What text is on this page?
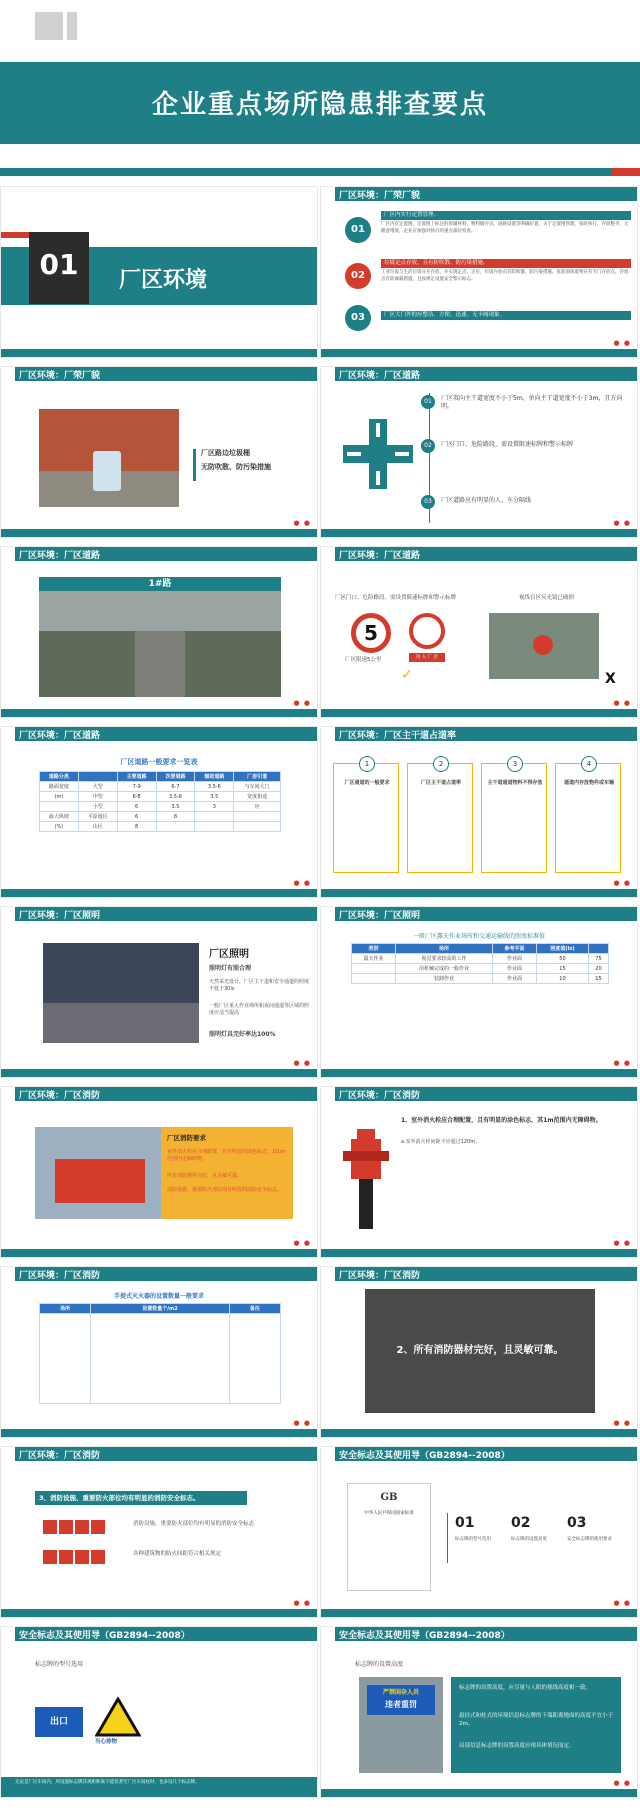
企业重点场所隐患排查要点
01	厂区环境
厂区环境：厂荣厂貌
01
厂区内实行定置管理。
厂区内有定置图，定置图上标注的原辅材料、物料储存点、道路设置等明确位置，关于定置图管理，按时执行，存放整齐，无随意堆放，企业应加强对执行的重点部位检查。
02
垃圾定点存放，且有防吹散、防污染措施。
工业垃圾与生活垃圾分开存放，并实现定点、定位，垃圾存放点有防吹散、防污染措施。危险固体废物应有专门存放点，存放点有防渗漏措施，且按规定设置安全警示标志。
03	厂区大门外的应整洁、方便、迅速、无卡阀现象。
● ●
厂区环境：厂荣厂貌
厂区路边垃圾桶
无防吹散、防污染措施
● ●
厂区环境：厂区道路
01	厂区双向主干道宽度不小于5m，单向主干道宽度不小于3m，且方向明。
02	厂区门口、危险路段、需设置限速标牌和警示标牌
03	厂区道路应有明显的人、车分隔线
● ●
厂区环境：厂区道路
1#路
● ●
厂区环境：厂区道路
厂区门口、危险路段、需设置限速标牌和警示标牌	视线盲区反光镜已破损
5
厂区限速5公里	进 入 厂 区
✓	X
● ●
厂区环境：厂区道路
厂区道路一般要求一览表
道路分类		主要道路	次要道路	辅助道路	厂房引道
路面宽度	大型	7-9	6-7	3.5-6	与车间大门
(m)	中型	6-8	3.5-6	3.5	宽度相适
	小型	6	3.5	3	应
最大纵坡	平原地区	6	8		
(%)	山区	8			
● ●
厂区环境：厂区主干道占道率
1
厂区通道的一般要求
2
厂区主干道占道率
3
主干道通道物料不得存放
4
通道内存放物件或车辆
● ●
厂区环境：厂区照明
厂区照明
照明灯有照合理
天然采光设计，厂区主干道和安全通道的照度不低于30lx
一般厂区重大作业场所和夜间通道等区域的照度应适当提高
照明灯具完好率达100%
● ●
厂区环境：厂区照明
一般厂区露天作业场所和交通运输线的照度标准值
类别	场所	参考平面	照度值(lx)	
露天作业	视觉要求较高的工作	作业面	50	75
	用机械完成的一般作业	作业面	15	20
	装卸作业	作业面	10	15
● ●
厂区环境：厂区消防
厂区消防要求
室外消火栓应合理配置，且有明显的涂色标志，其1m范围内无障碍物。
所有消防器材完好，且灵敏可靠。
消防设施、重要防火部位均有明显的消防安全标志。
● ●
厂区环境：厂区消防
1、室外消火栓应合理配置，且有明显的涂色标志，其1m范围内无障碍物。
a.室外消火栓间距不应超过120m。
● ●
厂区环境：厂区消防
手提式灭火器的设置数量一般要求
场所	设置数量个/m2	备注

● ●
厂区环境：厂区消防
2、所有消防器材完好，且灵敏可靠。
● ●
厂区环境：厂区消防
3、消防设施、重要防火部位均有明显的消防安全标志。
消防设施、重要防火部位均有明显的消防安全标志
各种建筑物的防火间距符合相关规定
● ●
安全标志及其使用导（GB2894--2008）
GB
中华人民共和国国家标准
01
标志牌的型号选用
02
标志牌的设置高度
03
安全标志牌的使用要求
● ●
安全标志及其使用导（GB2894--2008）
标志牌的型号选用
出口
当心排物
无论是厂区车间内、所设置标志牌其视距距离不能显著至厂区车间柱时，也多设几个标志牌。
安全标志及其使用导（GB2894--2008）
标志牌的设置高度
严禁闲杂人员
违者重罚
标志牌的设置高度，应尽量与人眼的视线高度相一致。
悬挂式和柱式的环境信息标志牌的下端距离地面的高度不宜小于2m。
局部信息标志牌的设置高度应视具体情况而定。
● ●
